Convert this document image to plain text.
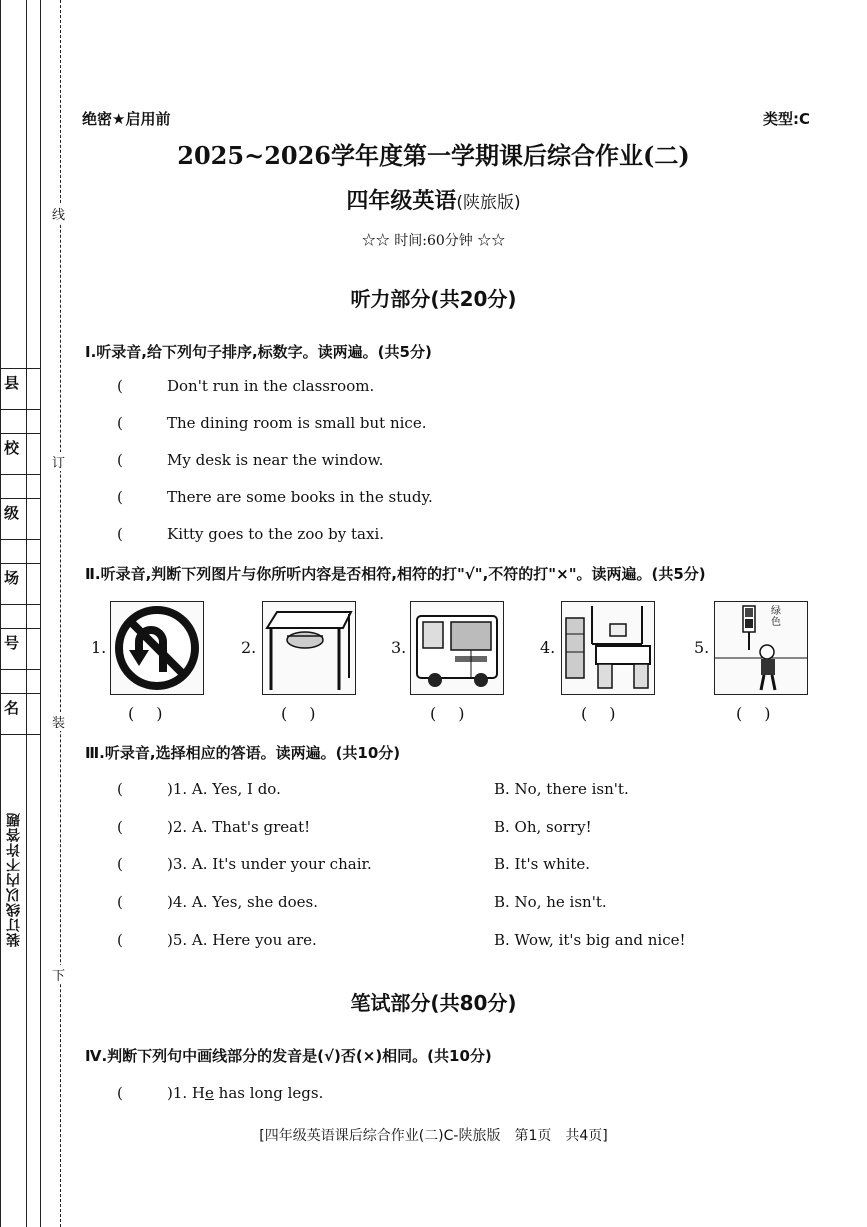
县
校
级
场
号
名
线
订
装
下
装订线以内不许答题
绝密★启用前	类型:C
2025~2026学年度第一学期课后综合作业(二)
四年级英语(陕旅版)
☆☆ 时间:60分钟 ☆☆
听力部分(共20分)
Ⅰ.听录音,给下列句子排序,标数字。读两遍。(共5分)
(	Don't run in the classroom.
(	The dining room is small but nice.
(	My desk is near the window.
(	There are some books in the study.
(	Kitty goes to the zoo by taxi.
Ⅱ.听录音,判断下列图片与你所听内容是否相符,相符的打"√",不符的打"×"。读两遍。(共5分)
1.	2.	3.	4.	5.
绿色
()	()	()	()	()
Ⅲ.听录音,选择相应的答语。读两遍。(共10分)
(	)1. A. Yes, I do.	B. No, there isn't.
(	)2. A. That's great!	B. Oh, sorry!
(	)3. A. It's under your chair.	B. It's white.
(	)4. A. Yes, she does.	B. No, he isn't.
(	)5. A. Here you are.	B. Wow, it's big and nice!
笔试部分(共80分)
Ⅳ.判断下列句中画线部分的发音是(√)否(×)相同。(共10分)
(	)1. He has long legs.
[四年级英语课后综合作业(二)C-陕旅版　第1页　共4页]
